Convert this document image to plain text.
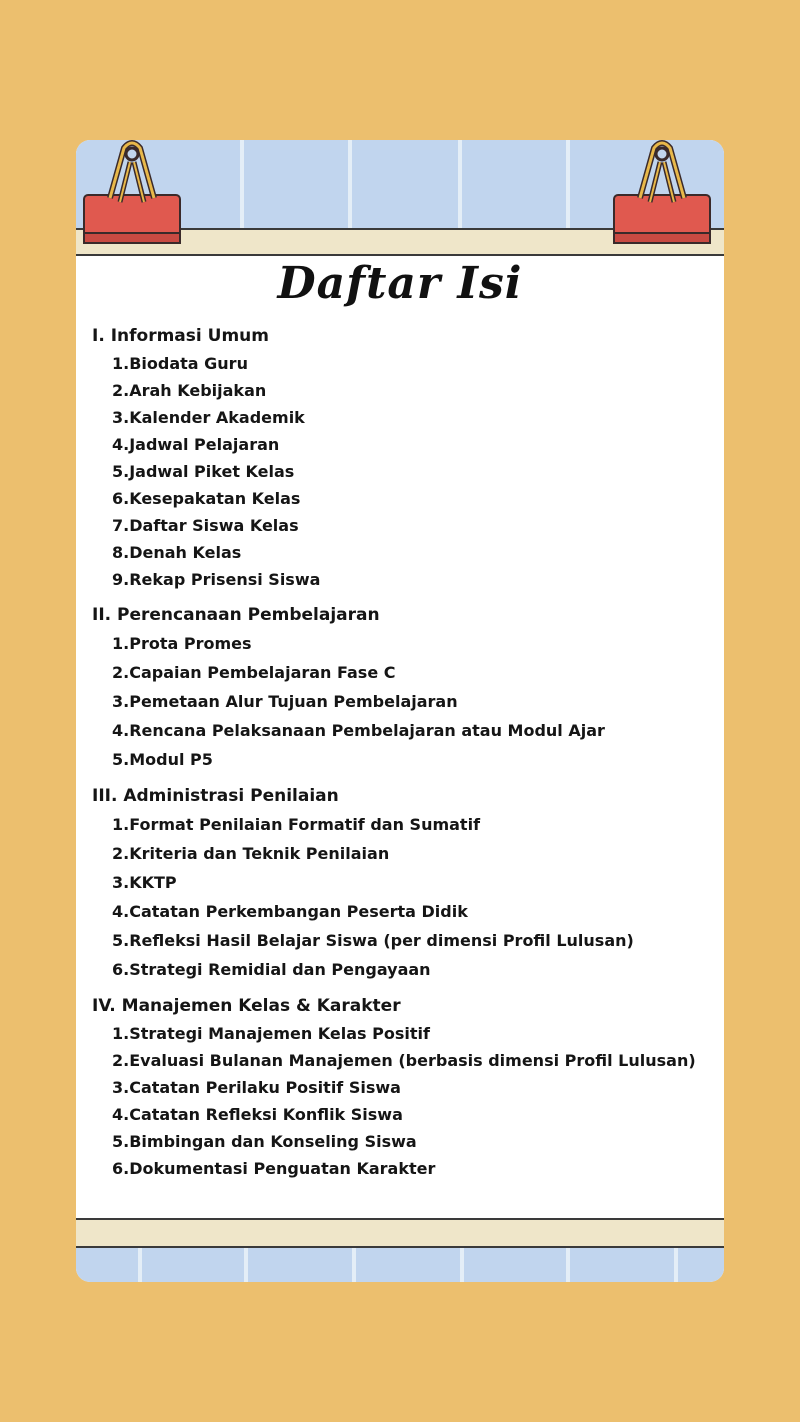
Daftar Isi
I. Informasi Umum
1.Biodata Guru
2.Arah Kebijakan
3.Kalender Akademik
4.Jadwal Pelajaran
5.Jadwal Piket Kelas
6.Kesepakatan Kelas
7.Daftar Siswa Kelas
8.Denah Kelas
9.Rekap Prisensi Siswa
II. Perencanaan Pembelajaran
1.Prota Promes
2.Capaian Pembelajaran Fase C
3.Pemetaan Alur Tujuan Pembelajaran
4.Rencana Pelaksanaan Pembelajaran atau Modul Ajar
5.Modul P5
III. Administrasi Penilaian
1.Format Penilaian Formatif dan Sumatif
2.Kriteria dan Teknik Penilaian
3.KKTP
4.Catatan Perkembangan Peserta Didik
5.Refleksi Hasil Belajar Siswa (per dimensi Profil Lulusan)
6.Strategi Remidial dan Pengayaan
IV. Manajemen Kelas & Karakter
1.Strategi Manajemen Kelas Positif
2.Evaluasi Bulanan Manajemen (berbasis dimensi Profil Lulusan)
3.Catatan Perilaku Positif Siswa
4.Catatan Refleksi Konflik Siswa
5.Bimbingan dan Konseling Siswa
6.Dokumentasi Penguatan Karakter
